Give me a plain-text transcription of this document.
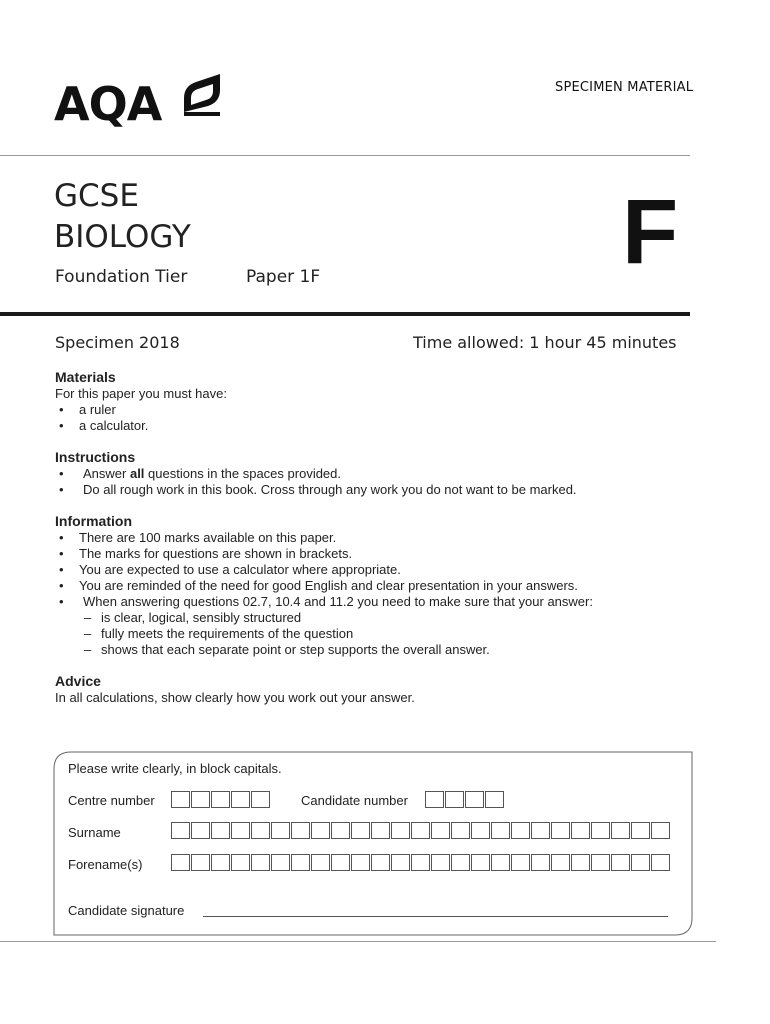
AQA	SPECIMEN MATERIAL
GCSE
BIOLOGY
Foundation Tier	Paper 1F	F
Specimen 2018	Time allowed: 1 hour 45 minutes
Materials

For this paper you must have:

• a ruler
• a calculator.
Instructions
• Answer all questions in the spaces provided.
• Do all rough work in this book. Cross through any work you do not want to be marked.
Information
• There are 100 marks available on this paper.
• The marks for questions are shown in brackets.
• You are expected to use a calculator where appropriate.
• You are reminded of the need for good English and clear presentation in your answers.
• When answering questions 02.7, 10.4 and 11.2 you need to make sure that your answer:
– is clear, logical, sensibly structured
– fully meets the requirements of the question
– shows that each separate point or step supports the overall answer.
Advice

In all calculations, show clearly how you work out your answer.

Please write clearly, in block capitals.
Centre number	Candidate number
Surname
Forename(s)
Candidate signature
